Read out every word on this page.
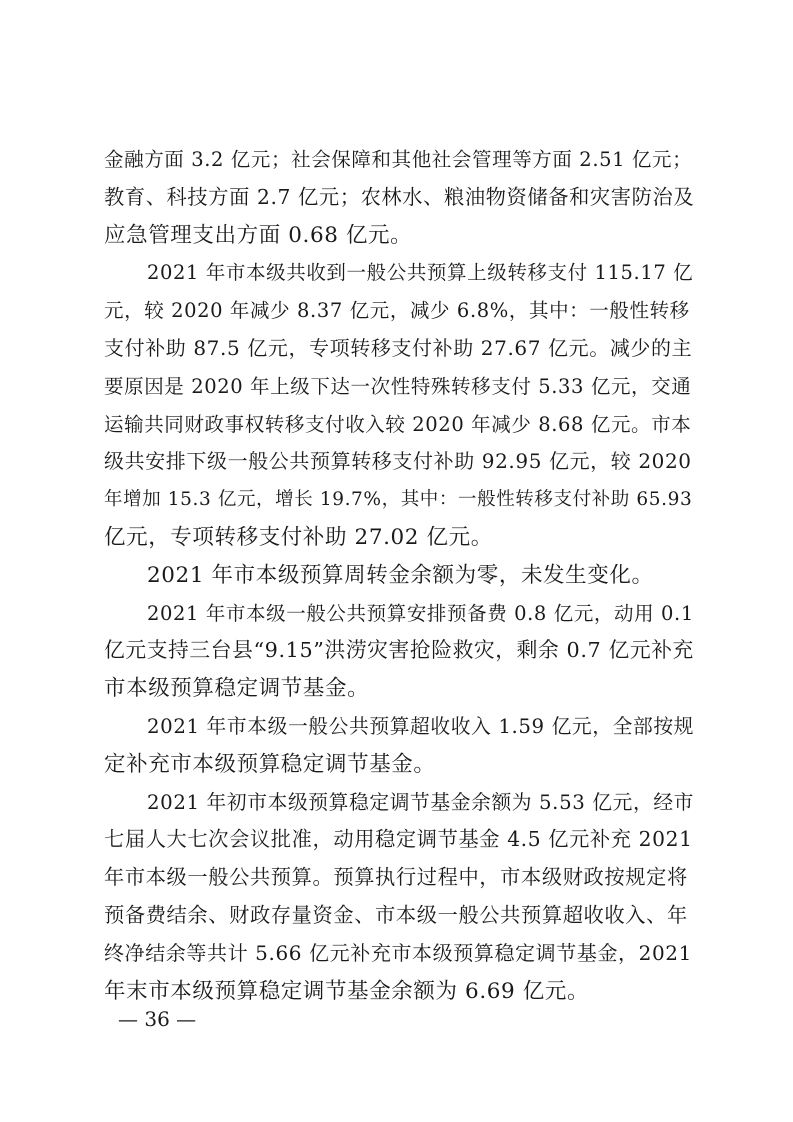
金融方面 3.2 亿元；社会保障和其他社会管理等方面 2.51 亿元；
教育、科技方面 2.7 亿元；农林水、粮油物资储备和灾害防治及
应急管理支出方面 0.68 亿元。
2021 年市本级共收到一般公共预算上级转移支付 115.17 亿
元，较 2020 年减少 8.37 亿元，减少 6.8%，其中：一般性转移
支付补助 87.5 亿元，专项转移支付补助 27.67 亿元。减少的主
要原因是 2020 年上级下达一次性特殊转移支付 5.33 亿元，交通
运输共同财政事权转移支付收入较 2020 年减少 8.68 亿元。市本
级共安排下级一般公共预算转移支付补助 92.95 亿元，较 2020
年增加 15.3 亿元，增长 19.7%，其中：一般性转移支付补助 65.93
亿元，专项转移支付补助 27.02 亿元。
2021 年市本级预算周转金余额为零，未发生变化。
2021 年市本级一般公共预算安排预备费 0.8 亿元，动用 0.1
亿元支持三台县“9.15”洪涝灾害抢险救灾，剩余 0.7 亿元补充
市本级预算稳定调节基金。
2021 年市本级一般公共预算超收收入 1.59 亿元，全部按规
定补充市本级预算稳定调节基金。
2021 年初市本级预算稳定调节基金余额为 5.53 亿元，经市
七届人大七次会议批准，动用稳定调节基金 4.5 亿元补充 2021
年市本级一般公共预算。预算执行过程中，市本级财政按规定将
预备费结余、财政存量资金、市本级一般公共预算超收收入、年
终净结余等共计 5.66 亿元补充市本级预算稳定调节基金，2021
年末市本级预算稳定调节基金余额为 6.69 亿元。
— 36 —
